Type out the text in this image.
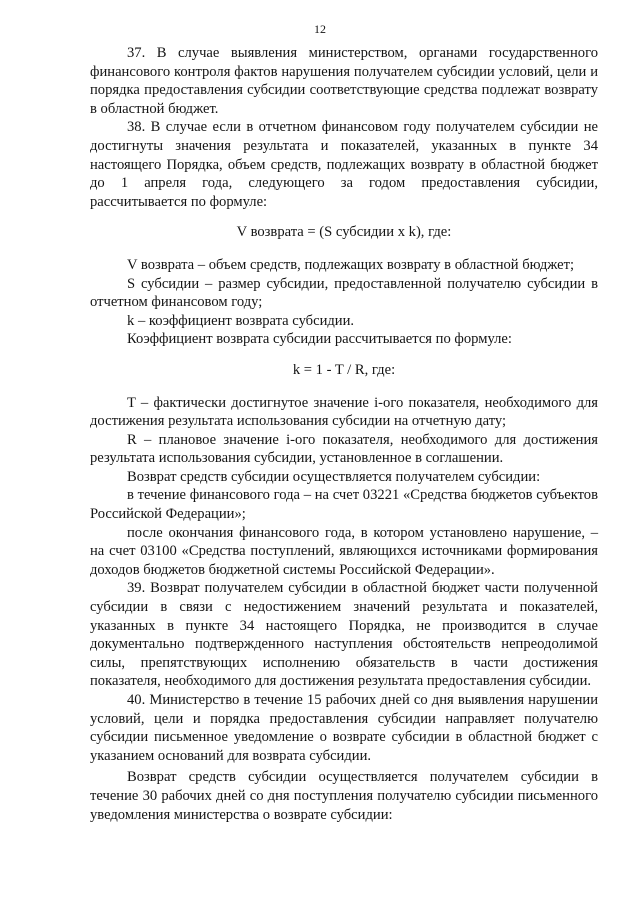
12

37. В случае выявления министерством, органами государственного финансового контроля фактов нарушения получателем субсидии условий, цели и порядка предоставления субсидии соответствующие средства подлежат возврату в областной бюджет.

38. В случае если в отчетном финансовом году получателем субсидии не достигнуты значения результата и показателей, указанных в пункте 34 настоящего Порядка, объем средств, подлежащих возврату в областной бюджет до 1 апреля года, следующего за годом предоставления субсидии, рассчитывается по формуле:

V возврата = (S субсидии x k), где:

V возврата – объем средств, подлежащих возврату в областной бюджет;

S субсидии – размер субсидии, предоставленной получателю субсидии в отчетном финансовом году;

k – коэффициент возврата субсидии.

Коэффициент возврата субсидии рассчитывается по формуле:

k = 1 - T / R, где:

T – фактически достигнутое значение i-ого показателя, необходимого для достижения результата использования субсидии на отчетную дату;

R – плановое значение i-ого показателя, необходимого для достижения результата использования субсидии, установленное в соглашении.

Возврат средств субсидии осуществляется получателем субсидии:

в течение финансового года – на счет 03221 «Средства бюджетов субъектов Российской Федерации»;

после окончания финансового года, в котором установлено нарушение, – на счет 03100 «Средства поступлений, являющихся источниками формирования доходов бюджетов бюджетной системы Российской Федерации».

39. Возврат получателем субсидии в областной бюджет части полученной субсидии в связи с недостижением значений результата и показателей, указанных в пункте 34 настоящего Порядка, не производится в случае документально подтвержденного наступления обстоятельств непреодолимой силы, препятствующих исполнению обязательств в части достижения показателя, необходимого для достижения результата предоставления субсидии.

40. Министерство в течение 15 рабочих дней со дня выявления нарушении условий, цели и порядка предоставления субсидии направляет получателю субсидии письменное уведомление о возврате субсидии в областной бюджет с указанием оснований для возврата субсидии.

Возврат средств субсидии осуществляется получателем субсидии в течение 30 рабочих дней со дня поступления получателю субсидии письменного уведомления министерства о возврате субсидии:
